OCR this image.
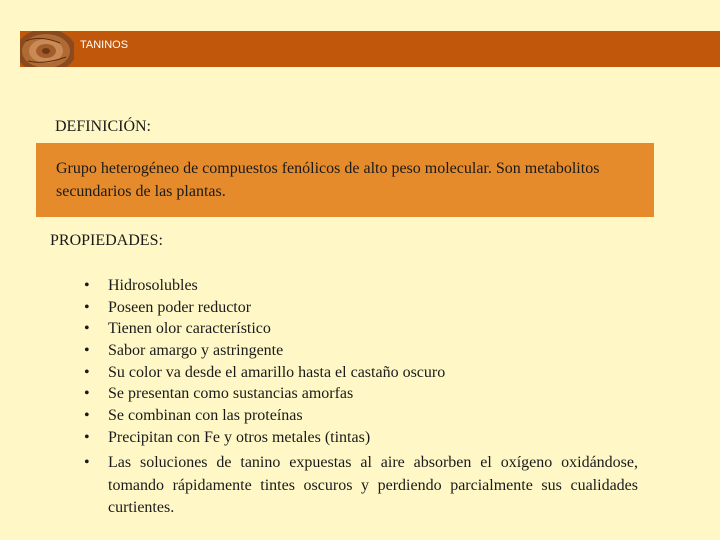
TANINOS
DEFINICIÓN:
Grupo heterogéneo de compuestos fenólicos de alto peso molecular. Son metabolitos secundarios de las plantas.
PROPIEDADES:
• Hidrosolubles
• Poseen poder reductor
• Tienen olor característico
• Sabor amargo y astringente
• Su color va desde el amarillo hasta el castaño oscuro
• Se presentan como sustancias amorfas
• Se combinan con las proteínas
• Precipitan con Fe y otros metales (tintas)
• Las soluciones de tanino expuestas al aire absorben el oxígeno oxidándose, tomando rápidamente tintes oscuros y perdiendo parcialmente sus cualidades curtientes.
